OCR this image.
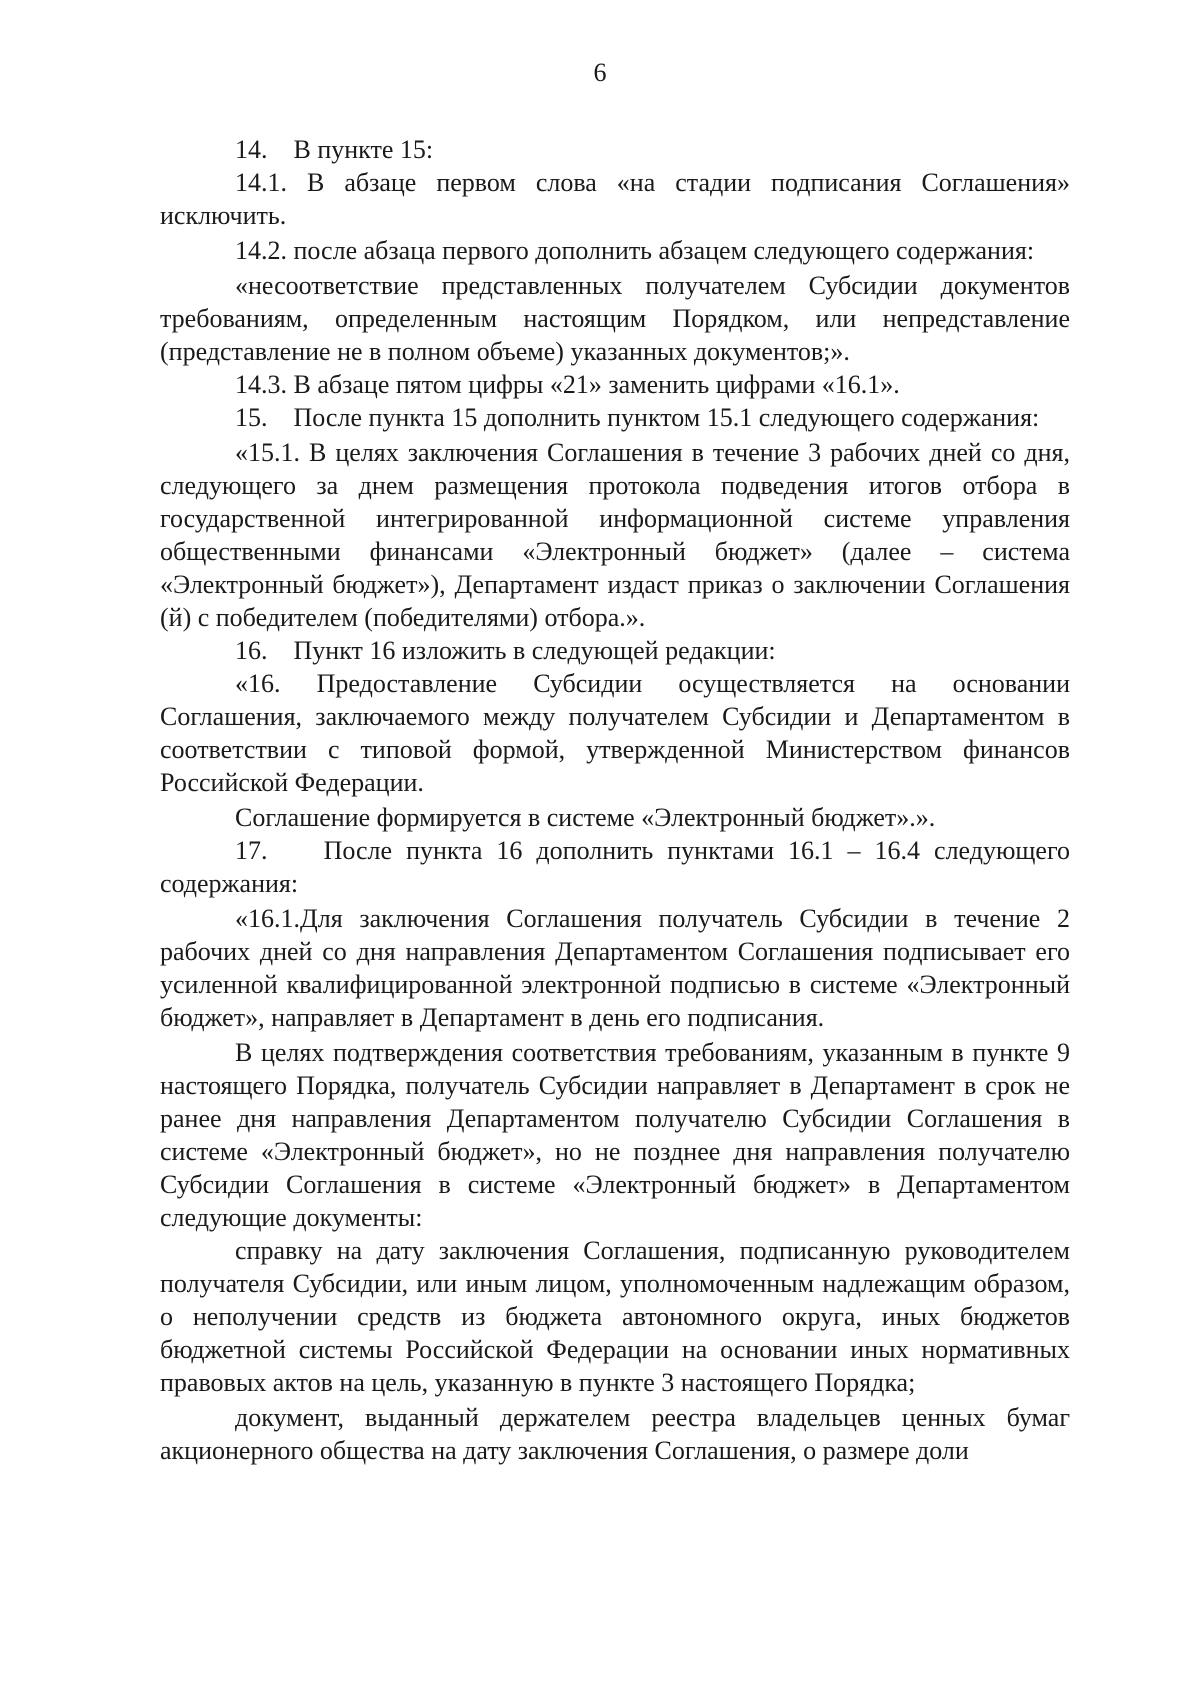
6

14.    В пункте 15:

14.1. В абзаце первом слова «на стадии подписания Соглашения» исключить.

14.2. после абзаца первого дополнить абзацем следующего содержания:

«несоответствие представленных получателем Субсидии документов требованиям, определенным настоящим Порядком, или непредставление (представление не в полном объеме) указанных документов;».

14.3. В абзаце пятом цифры «21» заменить цифрами «16.1».

15.    После пункта 15 дополнить пунктом 15.1 следующего содержания:

«15.1. В целях заключения Соглашения в течение 3 рабочих дней со дня, следующего за днем размещения протокола подведения итогов отбора в государственной интегрированной информационной системе управления общественными финансами «Электронный бюджет» (далее – система «Электронный бюджет»), Департамент издаст приказ о заключении Соглашения (й) с победителем (победителями) отбора.».

16.    Пункт 16 изложить в следующей редакции:

«16. Предоставление Субсидии осуществляется на основании Соглашения, заключаемого между получателем Субсидии и Департаментом в соответствии с типовой формой, утвержденной Министерством финансов Российской Федерации.

Соглашение формируется в системе «Электронный бюджет».».

17.    После пункта 16 дополнить пунктами 16.1 – 16.4 следующего содержания:

«16.1.Для заключения Соглашения получатель Субсидии в течение 2 рабочих дней со дня направления Департаментом Соглашения подписывает его усиленной квалифицированной электронной подписью в системе «Электронный бюджет», направляет в Департамент в день его подписания.

В целях подтверждения соответствия требованиям, указанным в пункте 9 настоящего Порядка, получатель Субсидии направляет в Департамент в срок не ранее дня направления Департаментом получателю Субсидии Соглашения в системе «Электронный бюджет», но не позднее дня направления получателю Субсидии Соглашения в системе «Электронный бюджет» в Департаментом следующие документы:

справку на дату заключения Соглашения, подписанную руководителем получателя Субсидии, или иным лицом, уполномоченным надлежащим образом, о неполучении средств из бюджета автономного округа, иных бюджетов бюджетной системы Российской Федерации на основании иных нормативных правовых актов на цель, указанную в пункте 3 настоящего Порядка;

документ, выданный держателем реестра владельцев ценных бумаг акционерного общества на дату заключения Соглашения, о размере доли
